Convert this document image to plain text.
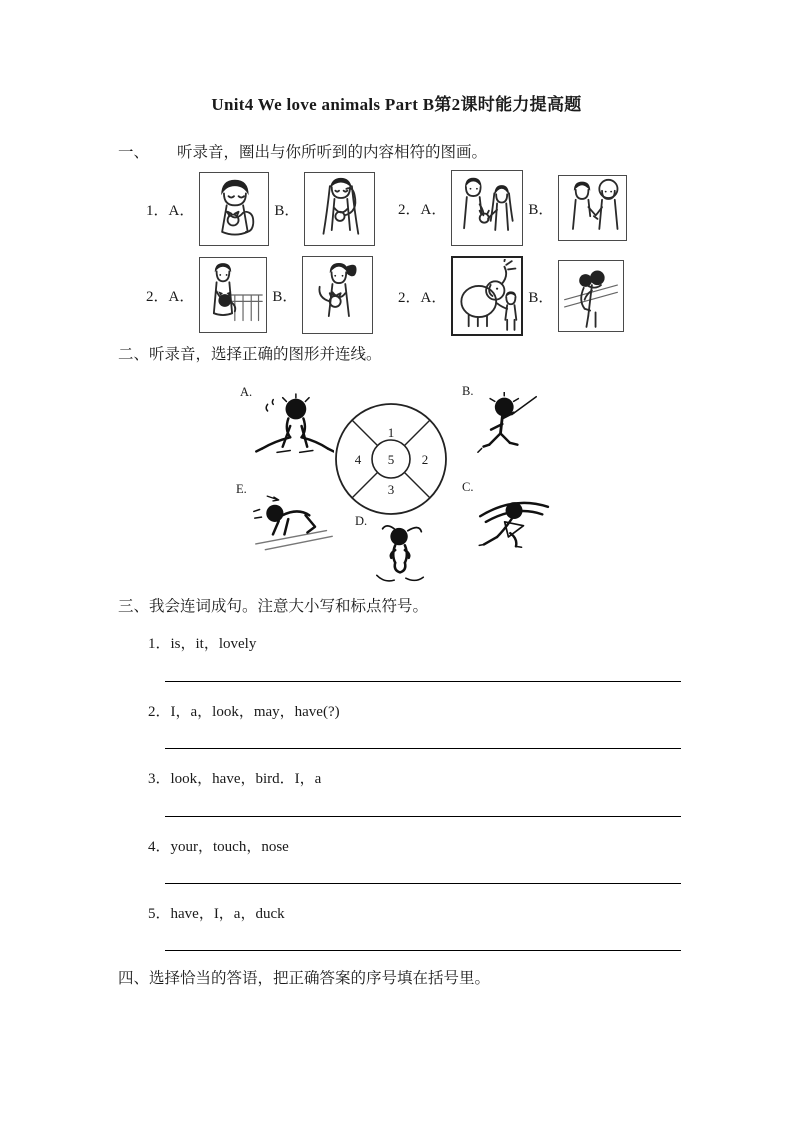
Unit4 We love animals Part B第2课时能力提高题
一、 听录音，圈出与你所听到的内容相符的图画。
1．A．	B．	2．A．	B．
2．A．	B．	2．A．	B．
二、听录音，选择正确的图形并连线。
1
2
3
4 5
A.	B.
C.
D.
E.
三、我会连词成句。注意大小写和标点符号。
1．is，it，lovely
2．I，a，look，may，have(?)
3．look，have，bird．I，a
4．your，touch，nose
5．have，I，a，duck
四、选择恰当的答语，把正确答案的序号填在括号里。
